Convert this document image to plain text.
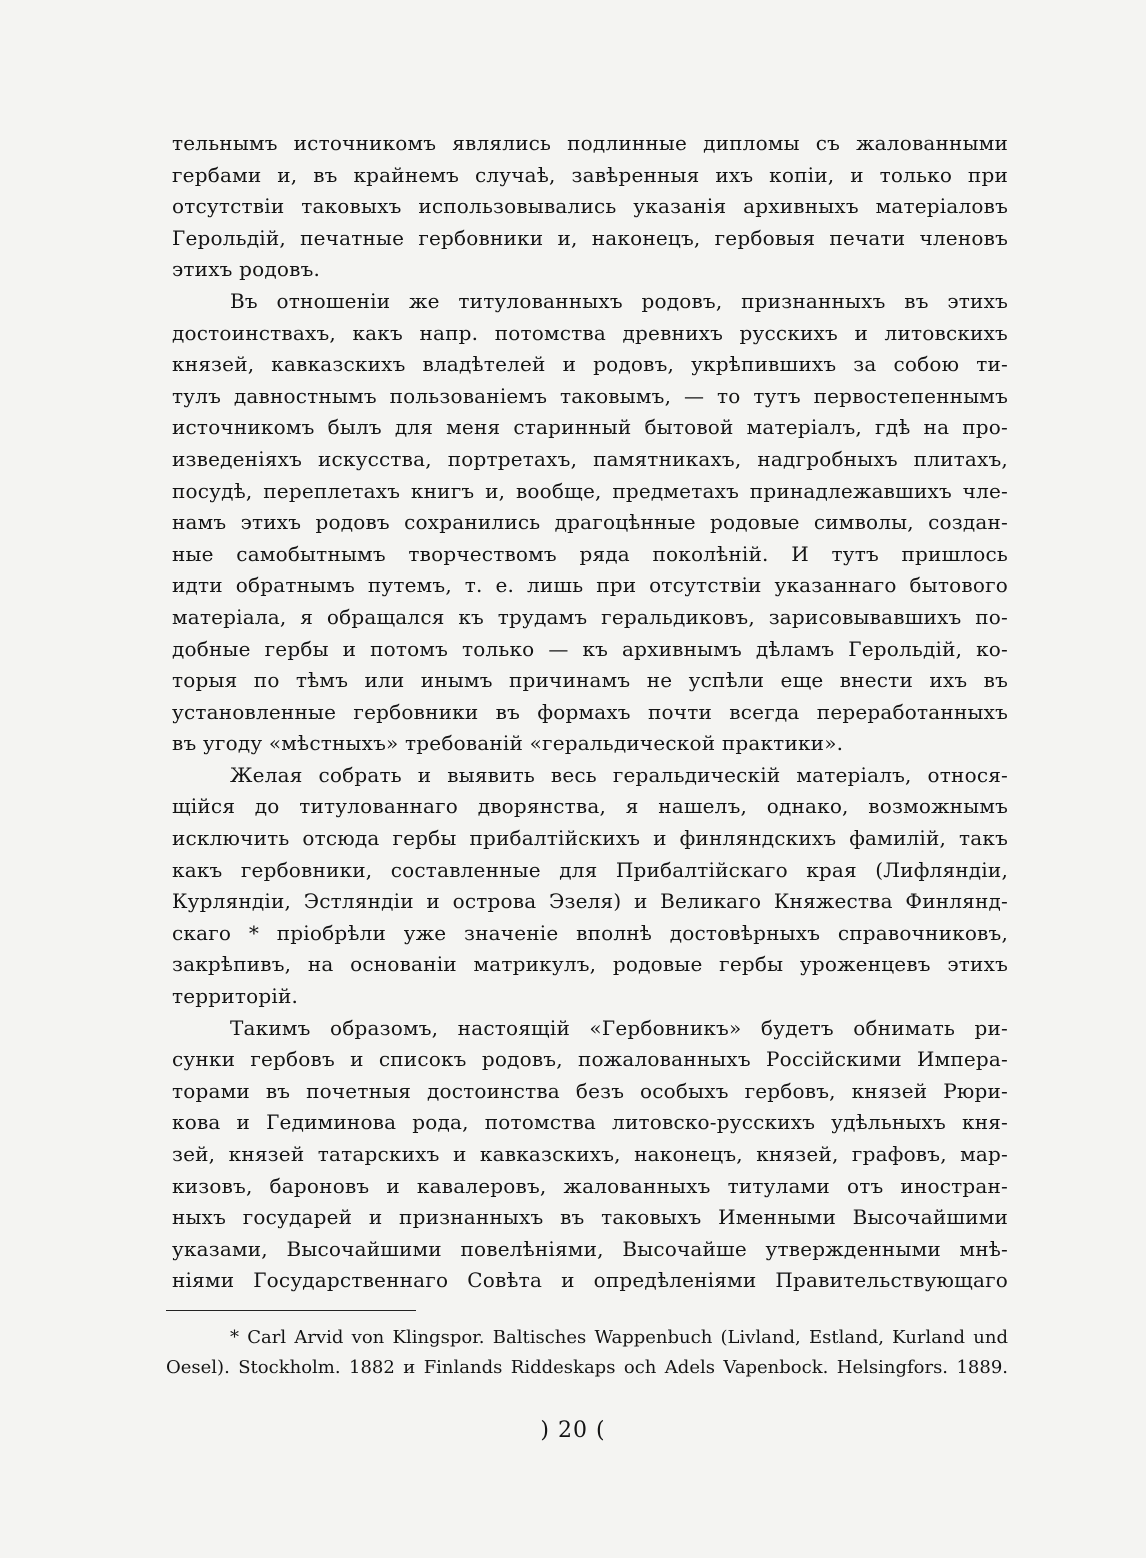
тельнымъ источникомъ являлись подлинные дипломы съ жалованными
гербами и, въ крайнемъ случаѣ, завѣренныя ихъ копіи, и только при
отсутствіи таковыхъ использовывались указанія архивныхъ матеріаловъ
Герольдій, печатные гербовники и, наконецъ, гербовыя печати членовъ
этихъ родовъ.
Въ отношеніи же титулованныхъ родовъ, признанныхъ въ этихъ
достоинствахъ, какъ напр. потомства древнихъ русскихъ и литовскихъ
князей, кавказскихъ владѣтелей и родовъ, укрѣпившихъ за собою ти-
тулъ давностнымъ пользованіемъ таковымъ, — то тутъ первостепеннымъ
источникомъ былъ для меня старинный бытовой матеріалъ, гдѣ на про-
изведеніяхъ искусства, портретахъ, памятникахъ, надгробныхъ плитахъ,
посудѣ, переплетахъ книгъ и, вообще, предметахъ принадлежавшихъ чле-
намъ этихъ родовъ сохранились драгоцѣнные родовые символы, создан-
ные самобытнымъ творчествомъ ряда поколѣній. И тутъ пришлось
идти обратнымъ путемъ, т. е. лишь при отсутствіи указаннаго бытового
матеріала, я обращался къ трудамъ геральдиковъ, зарисовывавшихъ по-
добные гербы и потомъ только — къ архивнымъ дѣламъ Герольдій, ко-
торыя по тѣмъ или инымъ причинамъ не успѣли еще внести ихъ въ
установленные гербовники въ формахъ почти всегда переработанныхъ
въ угоду «мѣстныхъ» требованій «геральдической практики».
Желая собрать и выявить весь геральдическій матеріалъ, относя-
щійся до титулованнаго дворянства, я нашелъ, однако, возможнымъ
исключить отсюда гербы прибалтійскихъ и финляндскихъ фамилій, такъ
какъ гербовники, составленные для Прибалтійскаго края (Лифляндіи,
Курляндіи, Эстляндіи и острова Эзеля) и Великаго Княжества Финлянд-
скаго * пріобрѣли уже значеніе вполнѣ достовѣрныхъ справочниковъ,
закрѣпивъ, на основаніи матрикулъ, родовые гербы уроженцевъ этихъ
территорій.
Такимъ образомъ, настоящій «Гербовникъ» будетъ обнимать ри-
сунки гербовъ и списокъ родовъ, пожалованныхъ Россійскими Импера-
торами въ почетныя достоинства безъ особыхъ гербовъ, князей Рюри-
кова и Гедиминова рода, потомства литовско-русскихъ удѣльныхъ кня-
зей, князей татарскихъ и кавказскихъ, наконецъ, князей, графовъ, мар-
кизовъ, бароновъ и кавалеровъ, жалованныхъ титулами отъ иностран-
ныхъ государей и признанныхъ въ таковыхъ Именными Высочайшими
указами, Высочайшими повелѣніями, Высочайше утвержденными мнѣ-
ніями Государственнаго Совѣта и опредѣленіями Правительствующаго
* Carl Arvid von Klingspor. Baltisches Wappenbuch (Livland, Estland, Kurland und
Oesel). Stockholm. 1882 и Finlands Riddeskaps och Adels Vapenbock. Helsingfors. 1889.
) 20 (
